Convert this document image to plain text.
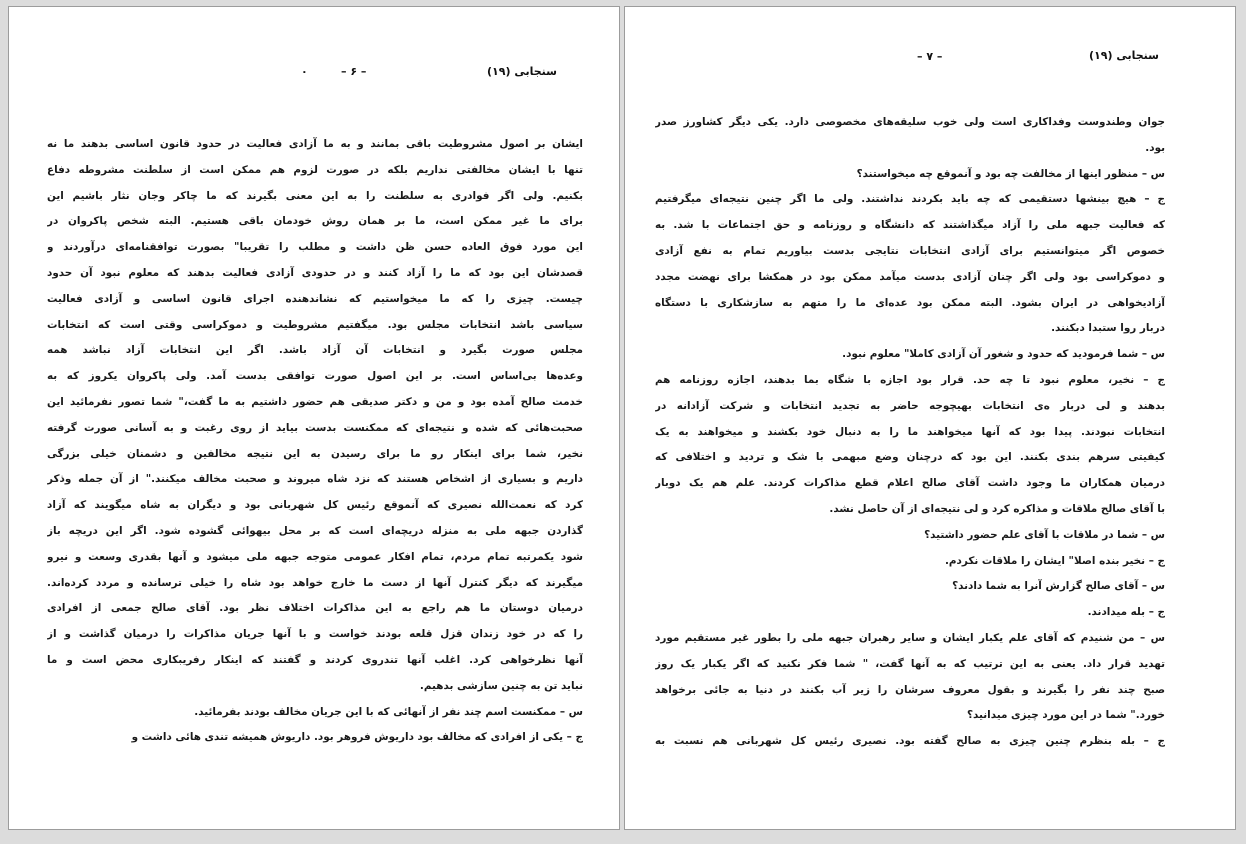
سنجابی (۱۹)
– ۶ –
٠
ایشان بر اصول مشروطیت باقی بمانند و به ما آزادی فعالیت در حدود قانون اساسی بدهند ما نه
تنها با ایشان مخالفتی نداریم بلکه در صورت لزوم هم ممکن است از سلطنت مشروطه دفاع
بکنیم. ولی اگر فوادری به سلطنت را به این معنی بگیرند که ما چاکر وجان نثار باشیم این
برای ما غیر ممکن است، ما بر همان روش خودمان باقی هستیم. البته شخص پاکروان در
این مورد فوق العاده حسن ظن داشت و مطلب را تقریبا" بصورت توافقنامه‌ای درآوردند و
قصدشان این بود که ما را آزاد کنند و در حدودی آزادی فعالیت بدهند که معلوم نبود آن حدود
چیست. چیزی را که ما میخواستیم که نشاندهنده اجرای قانون اساسی و آزادی فعالیت
سیاسی باشد انتخابات مجلس بود. میگفتیم مشروطیت و دموکراسی وقتی است که انتخابات
مجلس صورت بگیرد و انتخابات آن آزاد باشد. اگر این انتخابات آزاد نباشد همه
وعده‌ها بی‌اساس است. بر این اصول صورت توافقی بدست آمد. ولی پاکروان یکروز که به
خدمت صالح آمده بود و من و دکتر صدیقی هم حضور داشتیم به ما گفت،" شما تصور نفرمائید این
صحبت‌هائی که شده و نتیجه‌ای که ممکنست بدست بیاید از روی رغبت و به آسانی صورت گرفته
نخیر، شما برای اینکار رو ما برای رسیدن به این نتیجه مخالفین و دشمنان خیلی بزرگی
داریم و بسیاری از اشخاص هستند که نزد شاه میروند و صحبت مخالف میکنند." از آن جمله وذکر
کرد که نعمت‌الله نصیری که آنموقع رئیس کل شهربانی بود و دیگران به شاه میگویند که آزاد
گذاردن جبهه ملی به منزله دریچه‌ای است که بر محل بیهوائی گشوده شود. اگر این دریچه باز
شود یکمرتبه تمام مردم، تمام افکار عمومی متوجه جبهه ملی میشود و آنها بقدری وسعت و نیرو
میگیرند که دیگر کنترل آنها از دست ما خارج خواهد بود شاه را خیلی ترسانده و مردد کرده‌اند.
درمیان دوستان ما هم راجع به این مذاکرات اختلاف نظر بود. آقای صالح جمعی از افرادی
را که در خود زندان قزل قلعه بودند خواست و با آنها جریان مذاکرات را درمیان گذاشت و از
آنها نظرخواهی کرد. اغلب آنها تندروی کردند و گفتند که اینکار رفریبکاری محض است و ما
نباید تن به چنین سازشی بدهیم.
س – ممکنست اسم چند نفر از آنهائی که با این جریان مخالف بودند بفرمائید.
ج – یکی از افرادی که مخالف بود داریوش فروهر بود. داریوش همیشه تندی هائی داشت و
سنجابی (۱۹)
– ۷ –
جوان وطندوست وفداکاری است ولی خوب سلیقه‌های مخصوصی دارد. یکی دیگر کشاورز صدر
بود.
س – منظور اینها از مخالفت چه بود و آنموقع چه میخواستند؟
ج – هیچ بینشها دستقیمی که چه باید بکردند نداشتند. ولی ما اگر چنین نتیجه‌ای میگرفتیم
که فعالیت جبهه ملی را آزاد میگذاشتند که دانشگاه و روزنامه و حق اجتماعات با شد. به
خصوص اگر میتوانستیم برای آزادی انتخابات نتایجی بدست بیاوریم تمام به نفع آزادی
و دموکراسی بود ولی اگر چنان آزادی بدست میآمد ممکن بود در همکشا برای نهضت مجدد
آزادیخواهی در ایران بشود. البته ممکن بود عده‌ای ما را متهم به سازشکاری با دستگاه
دربار روا ستبدا دبکنند.
س – شما فرمودید که حدود و شغور آن آزادی کاملا" معلوم نبود.
ج – نخیر، معلوم نبود تا چه حد. قرار بود اجازه با شگاه بما بدهند، اجازه روزنامه هم
بدهند و لی دربار ه‌ی انتخابات بهیچوجه حاضر به تجدید انتخابات و شرکت آزادانه در
انتخابات نبودند. پیدا بود که آنها میخواهند ما را به دنبال خود بکشند و میخواهند به یک
کیفیتی سرهم بندی بکنند. این بود که درچنان وضع مبهمی با شک و تردید و اختلافی که
درمیان همکاران ما وجود داشت آقای صالح اعلام قطع مذاکرات کردند. علم هم یک دوبار
با آقای صالح ملاقات و مذاکره کرد و لی نتیجه‌ای از آن حاصل نشد.
س – شما در ملاقات با آقای علم حضور داشتید؟
ج – نخیر بنده اصلا" ایشان را ملاقات نکردم.
س – آقای صالح گزارش آنرا به شما دادند؟
ج – بله میدادند.
س – من شنیدم که آقای علم یکبار ایشان و سایر رهبران جبهه ملی را بطور غیر مستقیم مورد
تهدید قرار داد. یعنی به این ترتیب که به آنها گفت، " شما فکر نکنید که اگر یکبار یک روز
صبح چند نفر را بگیرند و بقول معروف سرشان را زیر آب بکنند در دنیا به جائی برخواهد
خورد." شما در این مورد چیزی میدانید؟
ج – بله بنظرم چنین چیزی به صالح گفته بود. نصیری رئیس کل شهربانی هم نسبت به
